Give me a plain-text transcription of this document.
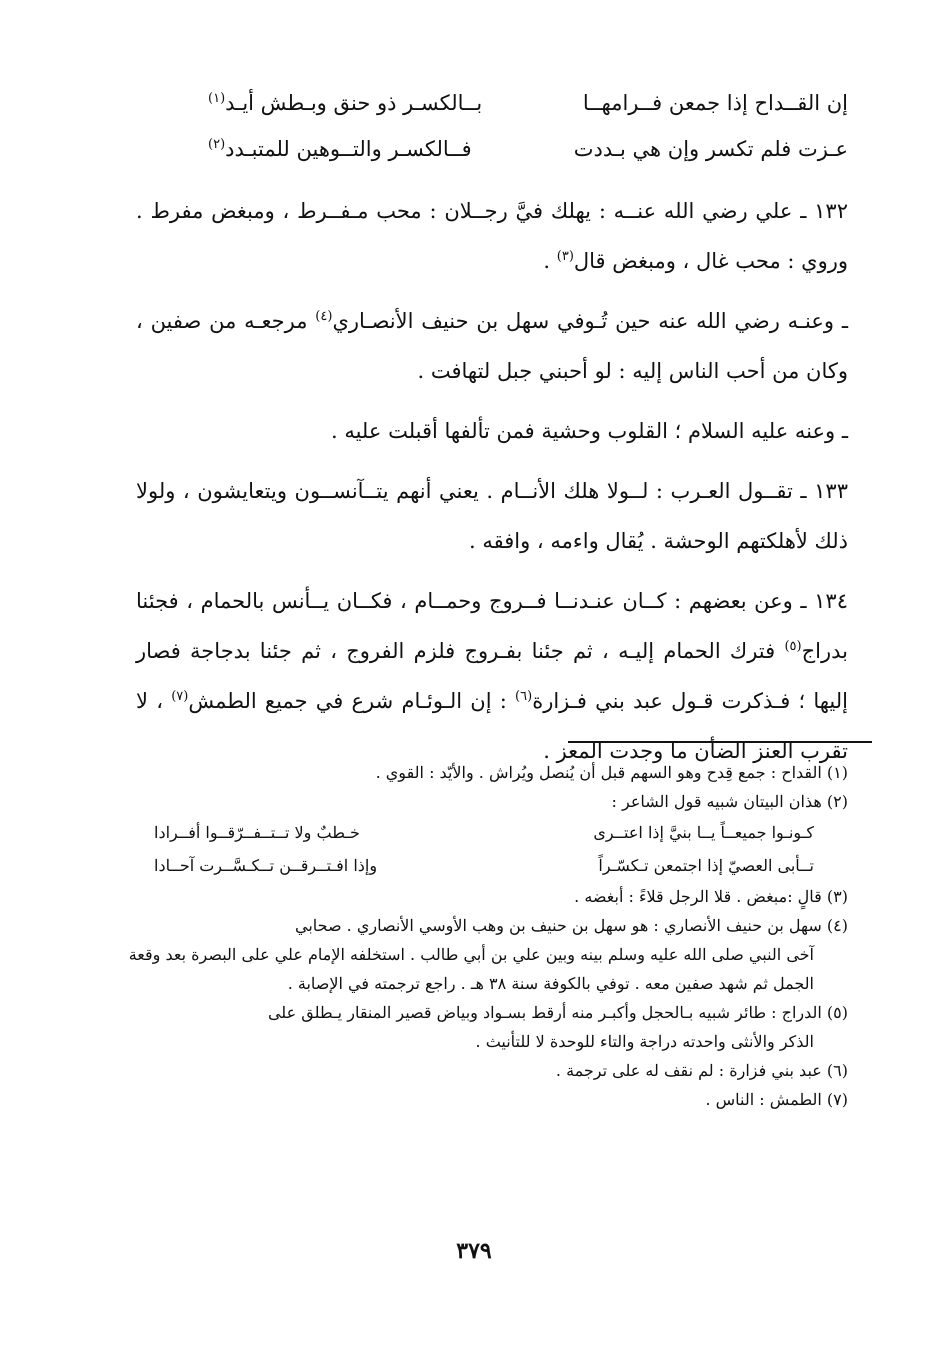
إن القــداح إذا جمعن فــرامهــا
بــالكسـر ذو حنق وبـطش أيـد$^{(١)}$
عـزت فلم تكسر وإن هي بـددت
فــالكسـر والتــوهين للمتبـدد$^{(٢)}$

١٣٢ ـ علي رضي الله عنــه : يهلك فيَّ رجــلان : محب مـفــرط ، ومبغض مفرط . وروي : محب غال ، ومبغض قال$^{(٣)}$ .

ـ وعنـه رضي الله عنه حين تُـوفي سهل بن حنيف الأنصـاري$^{(٤)}$ مرجعـه من صفين ، وكان من أحب الناس إليه : لو أحبني جبل لتهافت .

ـ وعنه عليه السلام ؛ القلوب وحشية فمن تألفها أقبلت عليه .

١٣٣ ـ تقــول العـرب : لــولا هلك الأنــام . يعني أنهم يتــآنســون ويتعايشون ، ولولا ذلك لأهلكتهم الوحشة . يُقال واءمه ، وافقه .

١٣٤ ـ وعن بعضهم : كــان عنـدنــا فــروج وحمــام ، فكــان يــأنس بالحمام ، فجئنا بدراج$^{(٥)}$ فترك الحمام إليـه ، ثم جئنا بفـروج فلزم الفروج ، ثم جئنا بدجاجة فصار إليها ؛ فـذكرت قـول عبد بني فـزارة$^{(٦)}$ : إن الـوئـام شرع في جميع الطمش$^{(٧)}$ ، لا تقرب العنز الضأن ما وجدت المعز .

(١) القداح : جمع قِدح وهو السهم قبل أن يُنصل ويُراش . والأيّد : القوي .

(٢) هذان البيتان شبيه قول الشاعر :

كـونـوا جميعــاً يــا بنيَّ إذا اعتــرى
خـطبٌ ولا تــتــفــرّقــوا أفــرادا
تــأبى العصيّ إذا اجتمعن تـكسّـراً
وإذا افـتــرقــن تــكـسَّــرت آحــادا

(٣) قالٍ :مبغض . قلا الرجل قلاءً : أبغضه .

(٤) سهل بن حنيف الأنصاري : هو سهل بن حنيف بن وهب الأوسي الأنصاري . صحابي

آخى النبي صلى الله عليه وسلم بينه وبين علي بن أبي طالب . استخلفه الإمام علي على البصرة بعد وقعة الجمل ثم شهد صفين معه . توفي بالكوفة سنة ٣٨ هـ . راجع ترجمته في الإصابة .

(٥) الدراج : طائر شبيه بـالحجل وأكبـر منه أرقط بسـواد وبياض قصير المنقار يـطلق على

الذكر والأنثى واحدته دراجة والتاء للوحدة لا للتأنيث .

(٦) عبد بني فزارة : لم نقف له على ترجمة .

(٧) الطمش : الناس .

٣٧٩
